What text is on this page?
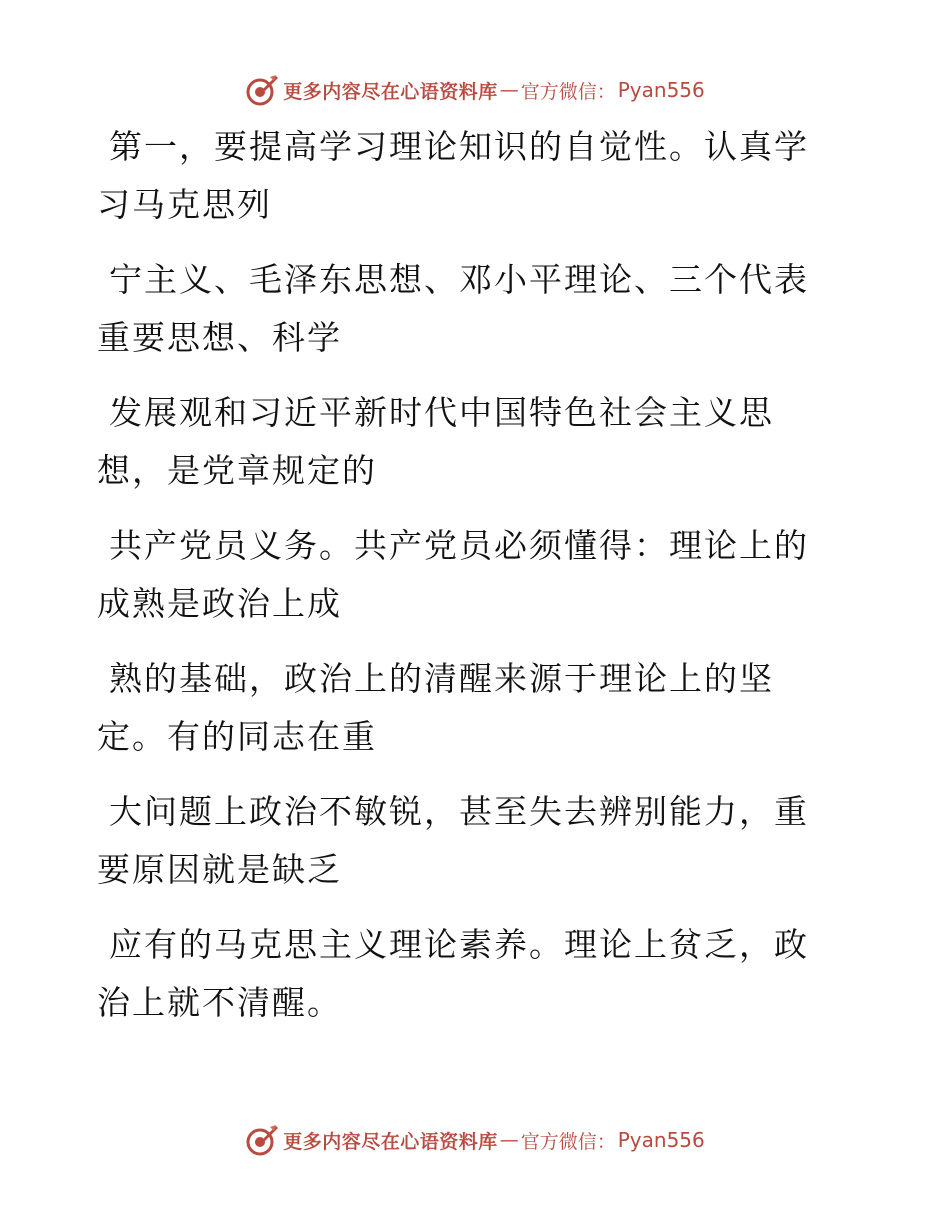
更多内容尽在心语资料库 — 官方微信： Pyan556

第一，要提高学习理论知识的自觉性。认真学习马克思列

宁主义、毛泽东思想、邓小平理论、三个代表重要思想、科学

发展观和习近平新时代中国特色社会主义思想，是党章规定的

共产党员义务。共产党员必须懂得：理论上的成熟是政治上成

熟的基础，政治上的清醒来源于理论上的坚定。有的同志在重

大问题上政治不敏锐，甚至失去辨别能力，重要原因就是缺乏

应有的马克思主义理论素养。理论上贫乏，政治上就不清醒。

更多内容尽在心语资料库 — 官方微信： Pyan556
